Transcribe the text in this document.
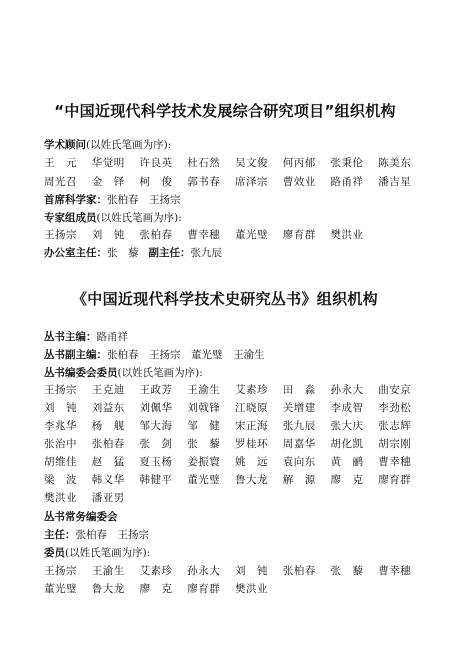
“中国近现代科学技术发展综合研究项目”组织机构
学术顾问(以姓氏笔画为序):
王　元	华觉明	许良英	杜石然	吴文俊	何丙郁	张秉伦	陈美东
周光召	金　铎	柯　俊	郭书春	席泽宗	曹效业	路甬祥	潘吉星
首席科学家：张柏春　王扬宗
专家组成员(以姓氏笔画为序):
王扬宗	刘　钝	张柏春	曹幸穗	董光璧	廖育群	樊洪业
办公室主任：张　藜 副主任：张九辰
《中国近现代科学技术史研究丛书》组织机构
丛书主编：路甬祥
丛书副主编：张柏春　王扬宗　董光璧　王渝生
丛书编委会委员(以姓氏笔画为序):
王扬宗	王克迪	王政芳	王渝生	艾素珍	田　淼	孙永大	曲安京
刘　钝	刘益东	刘佩华	刘戟锋	江晓原	关增建	李成智	李劲松
李兆华	杨　舰	邹大海	邹　健	宋正海	张九辰	张大庆	张志辉
张治中	张柏春	张　剑	张　藜	罗桂环	周嘉华	胡化凯	胡宗刚
胡维佳	赵　猛	夏玉杨	姜振寰	姚　远	袁向东	黄　鹂	曹幸穗
梁　波	韩义华	韩健平	董光璧	鲁大龙	解　源	廖　克	廖育群
樊洪业	潘亚男
丛书常务编委会
主任：张柏春　王扬宗
委员(以姓氏笔画为序):
王扬宗	王渝生	艾素珍	孙永大	刘　钝	张柏春	张　藜	曹幸穗
董光璧	鲁大龙	廖　克	廖育群	樊洪业
